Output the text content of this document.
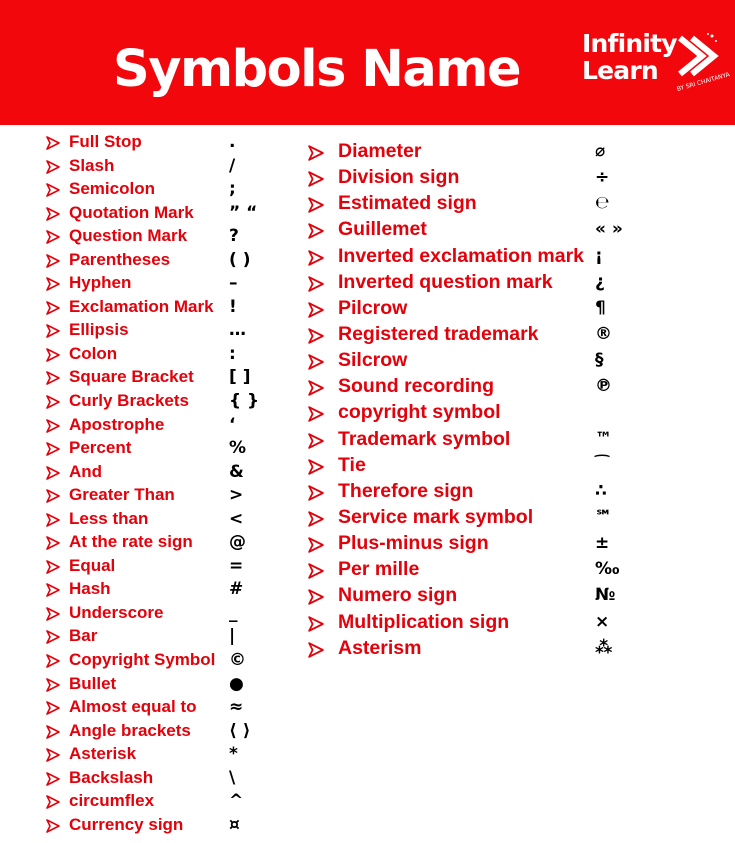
Symbols Name Infinity
Learn	BY SRI CHAITANYA
Full Stop	.
Slash	/
Semicolon	;
Quotation Mark ” “
Question Mark ?
Parentheses	( )
Hyphen	–
Exclamation Mark !
Ellipsis	…
Colon	:
Square Bracket [ ]
Curly Brackets { }
Apostrophe	‘
Percent	%
And	&
Greater Than	>
Less than	<
At the rate sign @
Equal	=
Hash	#
Underscore	_
Bar	|
Copyright Symbol ©
Bullet	●
Almost equal to ≈
Angle brackets ⟨ ⟩
Asterisk	*
Backslash	\
circumflex	^
Currency sign	¤
Diameter	⌀
Division sign	÷
Estimated sign	℮
Guillemet	« »
Inverted exclamation mark ¡
Inverted question mark ¿
Pilcrow	¶
Registered trademark	®
Silcrow	§
Sound recording	℗
copyright symbol
Trademark symbol	™
Tie	⁀
Therefore sign	∴
Service mark symbol	℠
Plus-minus sign	±
Per mille	‰
Numero sign	№
Multiplication sign	×
Asterism	⁂
